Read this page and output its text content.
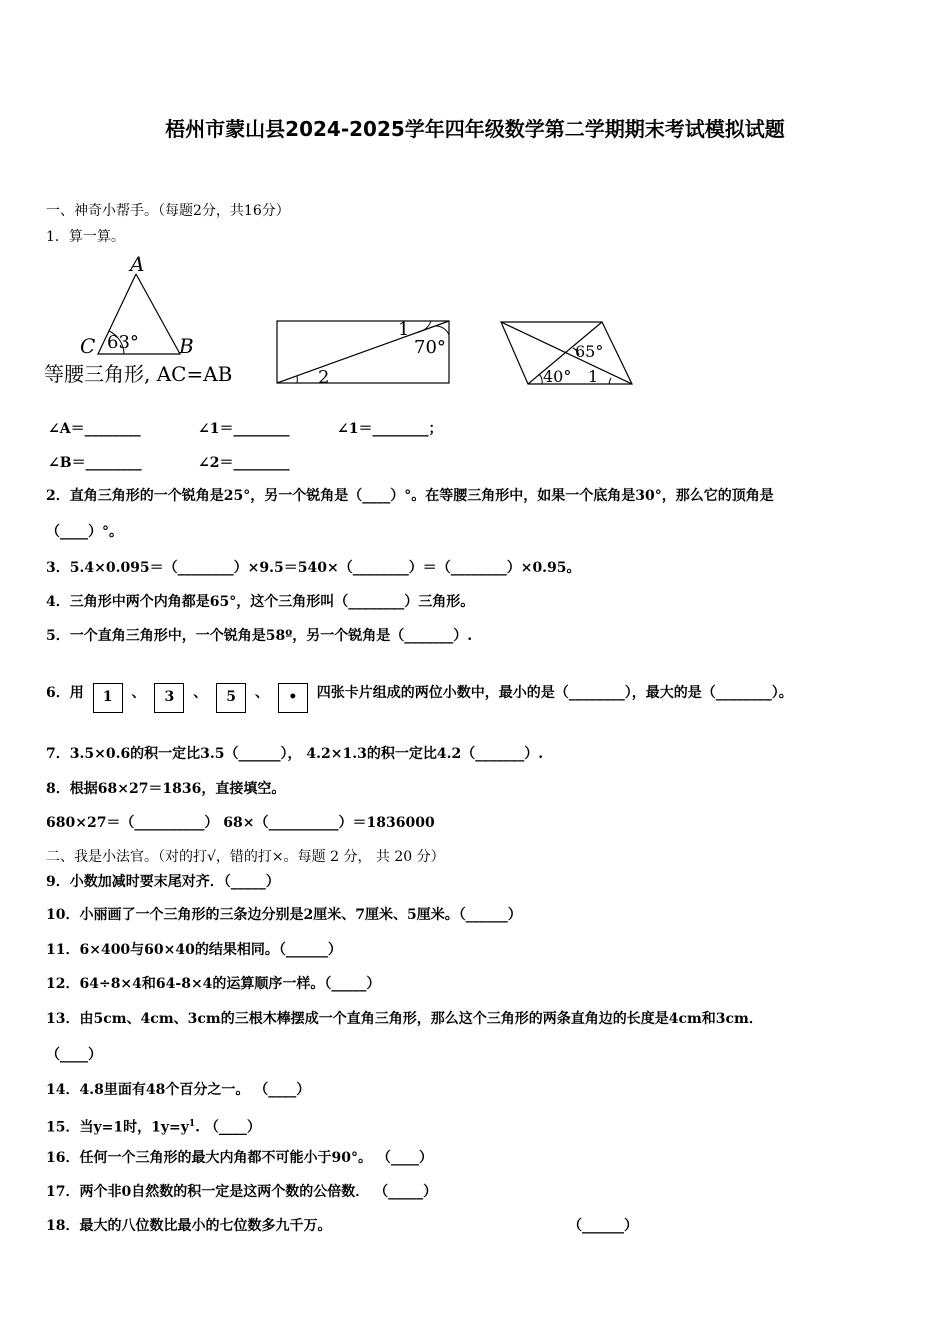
梧州市蒙山县2024-2025学年四年级数学第二学期期末考试模拟试题
一、神奇小帮手。（每题2分，共16分）
1．算一算。
A
C	B
63°
等腰三角形, AC=AB
1
70°
2
65°
40° 1
∠A＝________	∠1＝________	∠1＝________；
∠B＝________	∠2＝________
2．直角三角形的一个锐角是25°，另一个锐角是（____）°。在等腰三角形中，如果一个底角是30°，那么它的顶角是
（____）°。
3．5.4×0.095＝（________）×9.5＝540×（________）＝（________）×0.95。
4．三角形中两个内角都是65°，这个三角形叫（________）三角形。
5．一个直角三角形中，一个锐角是58º，另一个锐角是（_______）.
6．用 1 、 3 、 5 、 • 四张卡片组成的两位小数中，最小的是（________），最大的是（________）。
7．3.5×0.6的积一定比3.5（______）， 4.2×1.3的积一定比4.2（_______）.
8．根据68×27＝1836，直接填空。
680×27＝（__________） 68×（__________）＝1836000
二、我是小法官。（对的打√，错的打×。每题 2 分， 共 20 分）
9．小数加减时要末尾对齐．（_____）
10．小丽画了一个三角形的三条边分别是2厘米、7厘米、5厘米。（______）
11．6×400与60×40的结果相同。（______）
12．64÷8×4和64-8×4的运算顺序一样。（_____）
13．由5cm、4cm、3cm的三根木棒摆成一个直角三角形，那么这个三角形的两条直角边的长度是4cm和3cm．
（____）
14．4.8里面有48个百分之一。 （____）
15．当y=1时，$1y=y^1$. （____）
16．任何一个三角形的最大内角都不可能小于90°。 （____）
17．两个非0自然数的积一定是这两个数的公倍数． （_____）
18．最大的八位数比最小的七位数多九千万。	（______）
